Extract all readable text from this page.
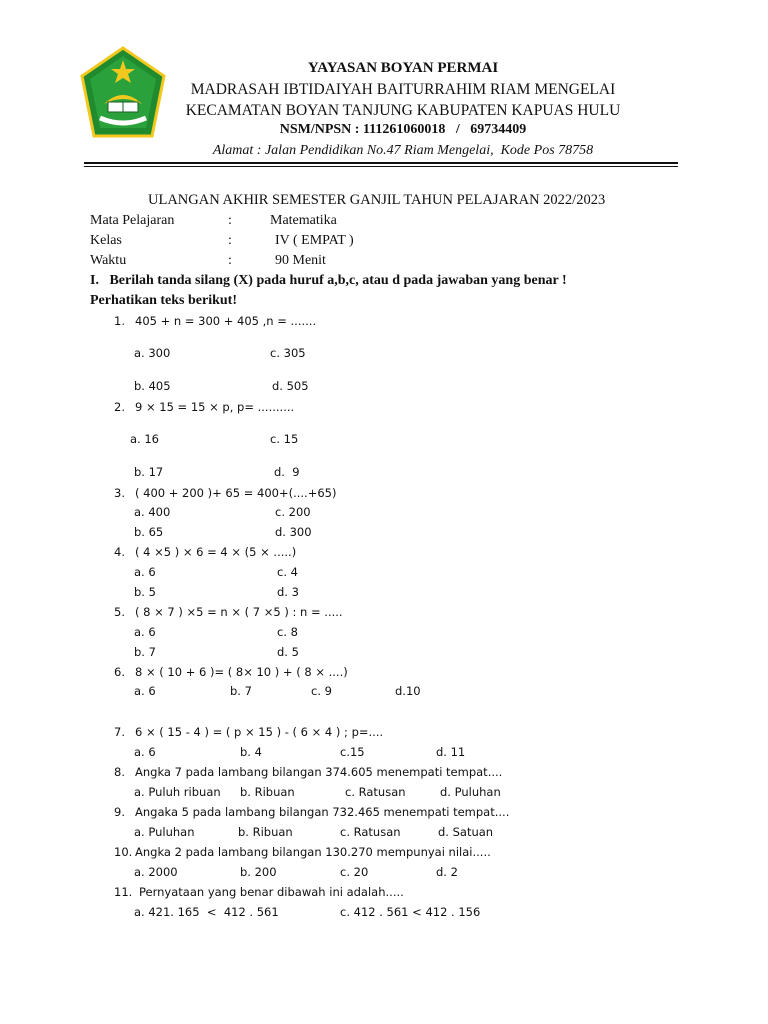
YAYASAN BOYAN PERMAI
MADRASAH IBTIDAIYAH BAITURRAHIM RIAM MENGELAI
KECAMATAN BOYAN TANJUNG KABUPATEN KAPUAS HULU
NSM/NPSN : 111261060018   /   69734409
Alamat : Jalan Pendidikan No.47 Riam Mengelai,  Kode Pos 78758
ULANGAN AKHIR SEMESTER GANJIL TAHUN PELAJARAN 2022/2023
Mata Pelajaran	:	Matematika
Kelas	:	IV ( EMPAT )
Waktu	:	90 Menit
I.   Berilah tanda silang (X) pada huruf a,b,c, atau d pada jawaban yang benar !
Perhatikan teks berikut!
1. 405 + n = 300 + 405 ,n = .......
a. 300	c. 305
b. 405	d. 505
2. 9 × 15 = 15 × p, p= ..........
a. 16	c. 15
b. 17	d.  9
3. ( 400 + 200 )+ 65 = 400+(....+65)
a. 400	c. 200
b. 65	d. 300
4. ( 4 ×5 ) × 6 = 4 × (5 × .....)
a. 6	c. 4
b. 5	d. 3
5. ( 8 × 7 ) ×5 = n × ( 7 ×5 ) : n = .....
a. 6	c. 8
b. 7	d. 5
6. 8 × ( 10 + 6 )= ( 8× 10 ) + ( 8 × ....)
a. 6	b. 7	c. 9	d.10
7. 6 × ( 15 - 4 ) = ( p × 15 ) - ( 6 × 4 ) ; p=....
a. 6	b. 4	c.15	d. 11
8. Angka 7 pada lambang bilangan 374.605 menempati tempat....
a. Puluh ribuan b. Ribuan	c. Ratusan	d. Puluhan
9. Angaka 5 pada lambang bilangan 732.465 menempati tempat....
a. Puluhan	b. Ribuan	c. Ratusan	d. Satuan
10. Angka 2 pada lambang bilangan 130.270 mempunyai nilai.....
a. 2000	b. 200	c. 20	d. 2
11. Pernyataan yang benar dibawah ini adalah.....
a. 421. 165  <  412 . 561	c. 412 . 561 < 412 . 156
